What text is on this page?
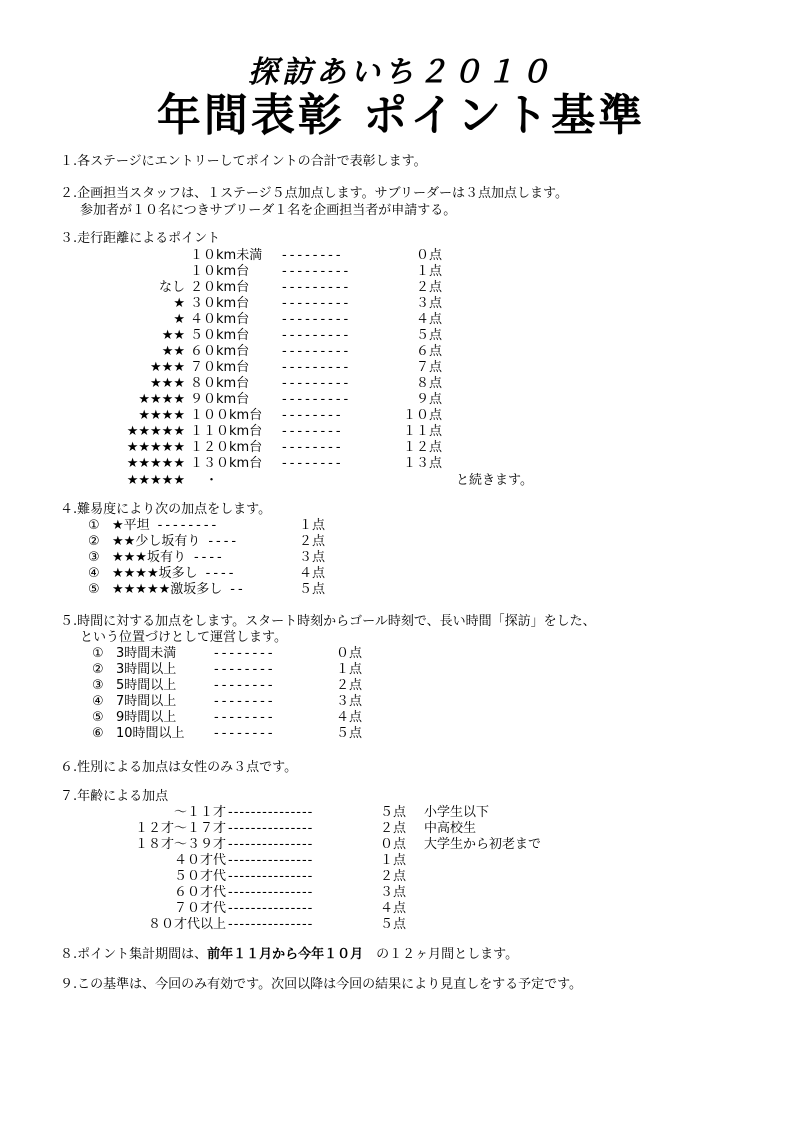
探訪あいち２０１０
年間表彰 ポイント基準
１.各ステージにエントリーしてポイントの合計で表彰します。
２.企画担当スタッフは、１ステージ５点加点します。サブリーダーは３点加点します。
参加者が１０名につきサブリーダ１名を企画担当者が申請する。
３.走行距離によるポイント
１０km未満 --------	０点
１０km台	---------	１点
なし ２０km台	---------	２点
★ ３０km台	---------	３点
★ ４０km台	---------	４点
★★ ５０km台	---------	５点
★★ ６０km台	---------	６点
★★★ ７０km台	---------	７点
★★★ ８０km台	---------	８点
★★★★ ９０km台	---------	９点
★★★★ １００km台 --------	１０点
★★★★★ １１０km台 --------	１１点
★★★★★ １２０km台 --------	１２点
★★★★★ １３０km台 --------	１３点
★★★★★ ・	と続きます。
４.難易度により次の加点をします。
① ★平坦 --------	１点
② ★★少し坂有り ----	２点
③ ★★★坂有り ----	３点
④ ★★★★坂多し ----	４点
⑤ ★★★★★激坂多し --	５点
５.時間に対する加点をします。スタート時刻からゴール時刻で、長い時間「探訪」をした、
という位置づけとして運営します。
① 3時間未満	--------	０点
② 3時間以上	--------	１点
③ 5時間以上	--------	２点
④ 7時間以上	--------	３点
⑤ 9時間以上	--------	４点
⑥ 10時間以上 --------	５点
６.性別による加点は女性のみ３点です。
７.年齢による加点
～１１才 ---------------	５点 小学生以下
１２才～１７才 ---------------	２点 中高校生
１８才～３９才 ---------------	０点 大学生から初老まで
４０才代 ---------------	１点
５０才代 ---------------	２点
６０才代 ---------------	３点
７０才代 ---------------	４点
８０才代以上 ---------------	５点
８.ポイント集計期間は、前年１１月から今年１０月　 の１２ヶ月間とします。
９.この基準は、今回のみ有効です。次回以降は今回の結果により見直しをする予定です。
